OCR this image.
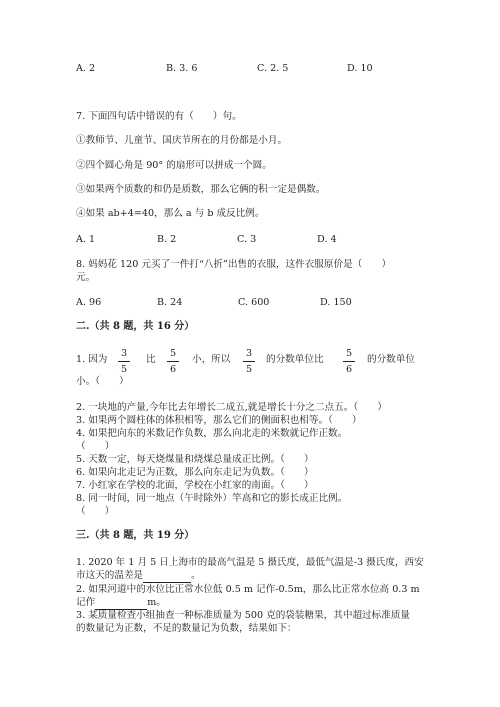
A. 2	B. 3. 6	C. 2. 5	D. 10
7. 下面四句话中错误的有（　　）句。
①教师节、儿童节、国庆节所在的月份都是小月。
②四个圆心角是 90° 的扇形可以拼成一个圆。
③如果两个质数的和仍是质数，那么它俩的积一定是偶数。
④如果 ab+4=40，那么 a 与 b 成反比例。
A. 1	B. 2	C. 3	D. 4
8. 妈妈花 120 元买了一件打“八折”出售的衣服，这件衣服原价是（　　）
元。
A. 96	B. 24	C. 600	D. 150
二.（共 8 题，共 16 分）
1. 因为
3
5
比
5
6
小，所以
3
5
的分数单位比
5
6
的分数单位
小。（　　）
2. 一块地的产量,今年比去年增长二成五,就是增长十分之二点五。（　　）
3. 如果两个圆柱体的体积相等，那么它们的侧面积也相等。（　　）
4. 如果把向东的米数记作负数，那么向北走的米数就记作正数。
（　　）
5. 天数一定，每天烧煤量和烧煤总量成正比例。（　　）
6. 如果向北走记为正数，那么向东走记为负数。（　　）
7. 小红家在学校的北面，学校在小红家的南面。（　　）
8. 同一时间，同一地点（午时除外）竿高和它的影长成正比例。
（　　）
三.（共 8 题，共 19 分）
1. 2020 年 1 月 5 日上海市的最高气温是 5 摄氏度，最低气温是-3 摄氏度，西安
市这天的温差是	。
2. 如果河道中的水位比正常水位低 0.5 m 记作-0.5m，那么比正常水位高 0.3 m
记作	m。
3. 某质量检查小组抽查一种标准质量为 500 克的袋装糖果，其中超过标准质量
的数量记为正数，不足的数量记为负数，结果如下：
